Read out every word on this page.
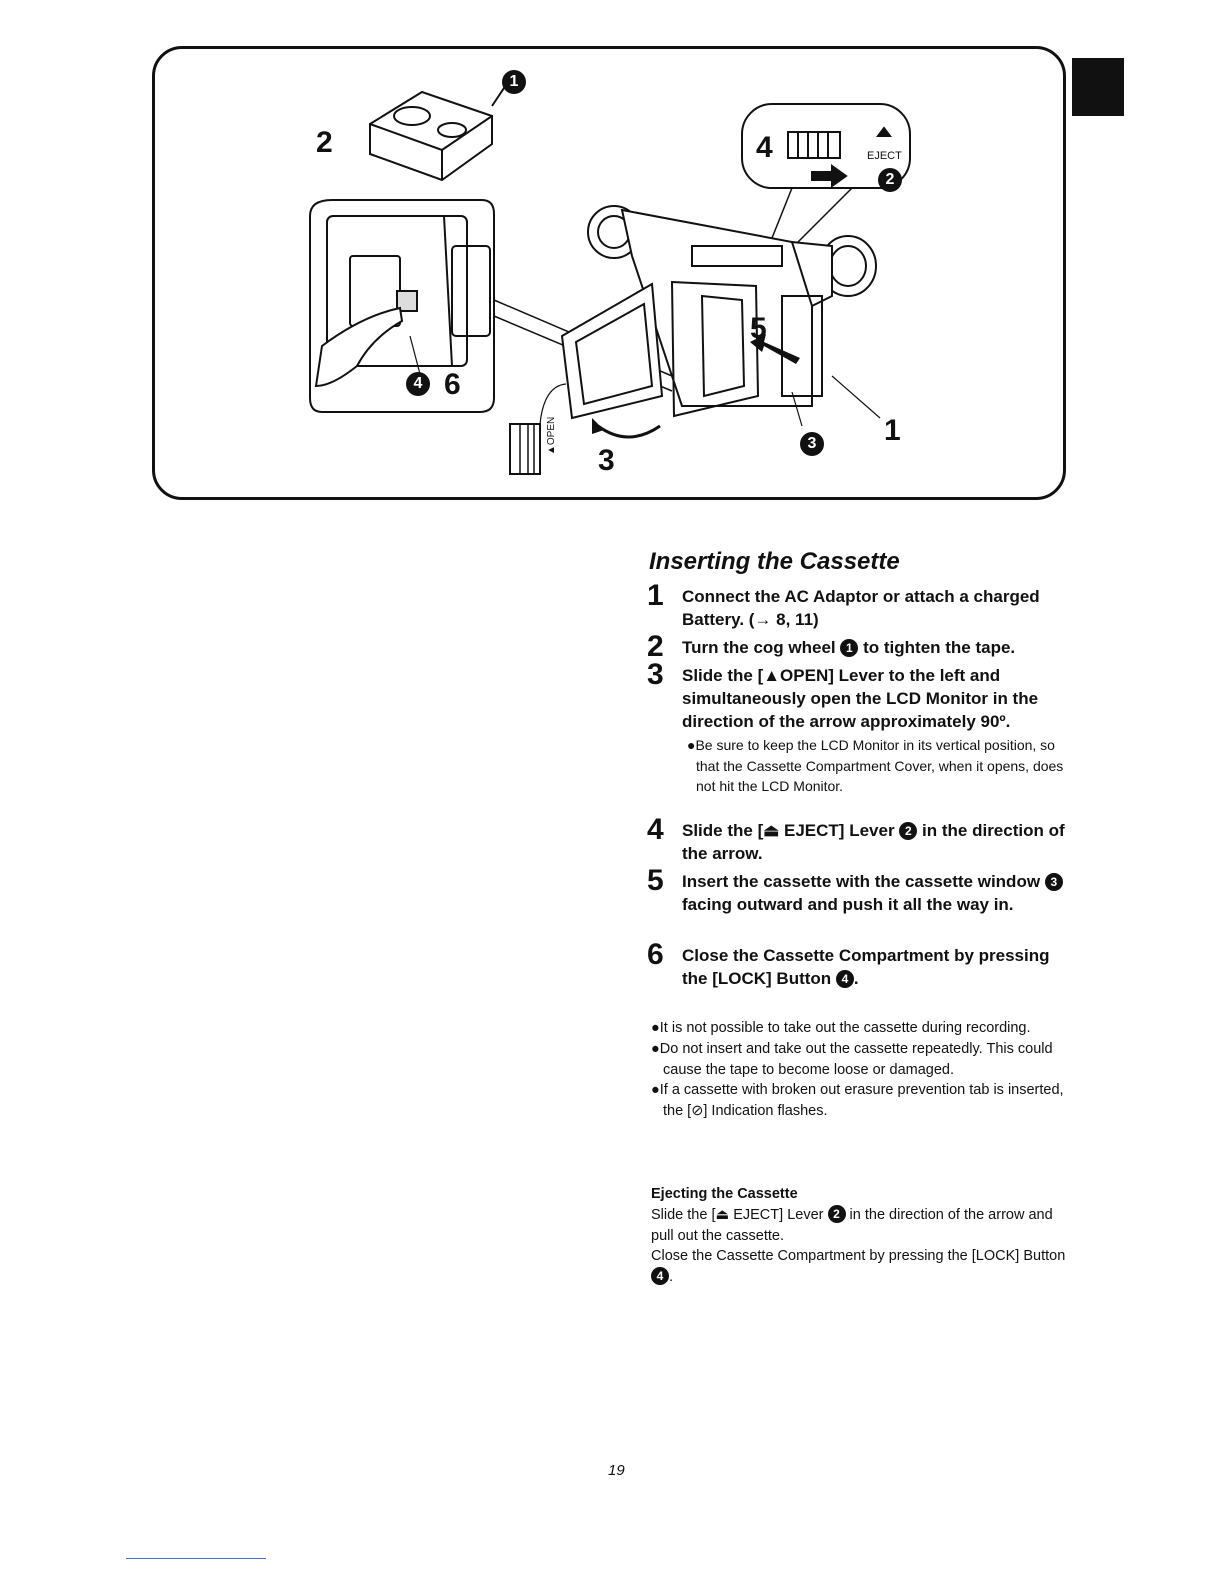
2	4
5
6
3
1
1
2
3
4
EJECT
▲OPEN
Inserting the Cassette
1 Connect the AC Adaptor or attach a charged Battery. (→ 8, 11)
2 Turn the cog wheel 1 to tighten the tape.
3 Slide the [▲OPEN] Lever to the left and simultaneously open the LCD Monitor in the direction of the arrow approximately 90º.
●Be sure to keep the LCD Monitor in its vertical position, so that the Cassette Compartment Cover, when it opens, does not hit the LCD Monitor.
4 Slide the [⏏ EJECT] Lever 2 in the direction of the arrow.
5 Insert the cassette with the cassette window 3 facing outward and push it all the way in.
6 Close the Cassette Compartment by pressing the [LOCK] Button 4 .

●It is not possible to take out the cassette during recording.

●Do not insert and take out the cassette repeatedly. This could cause the tape to become loose or damaged.

●If a cassette with broken out erasure prevention tab is inserted, the [⊘] Indication flashes.

Ejecting the Cassette

Slide the [⏏ EJECT] Lever 2 in the direction of the arrow and pull out the cassette.

Close the Cassette Compartment by pressing the [LOCK] Button 4 .

19
